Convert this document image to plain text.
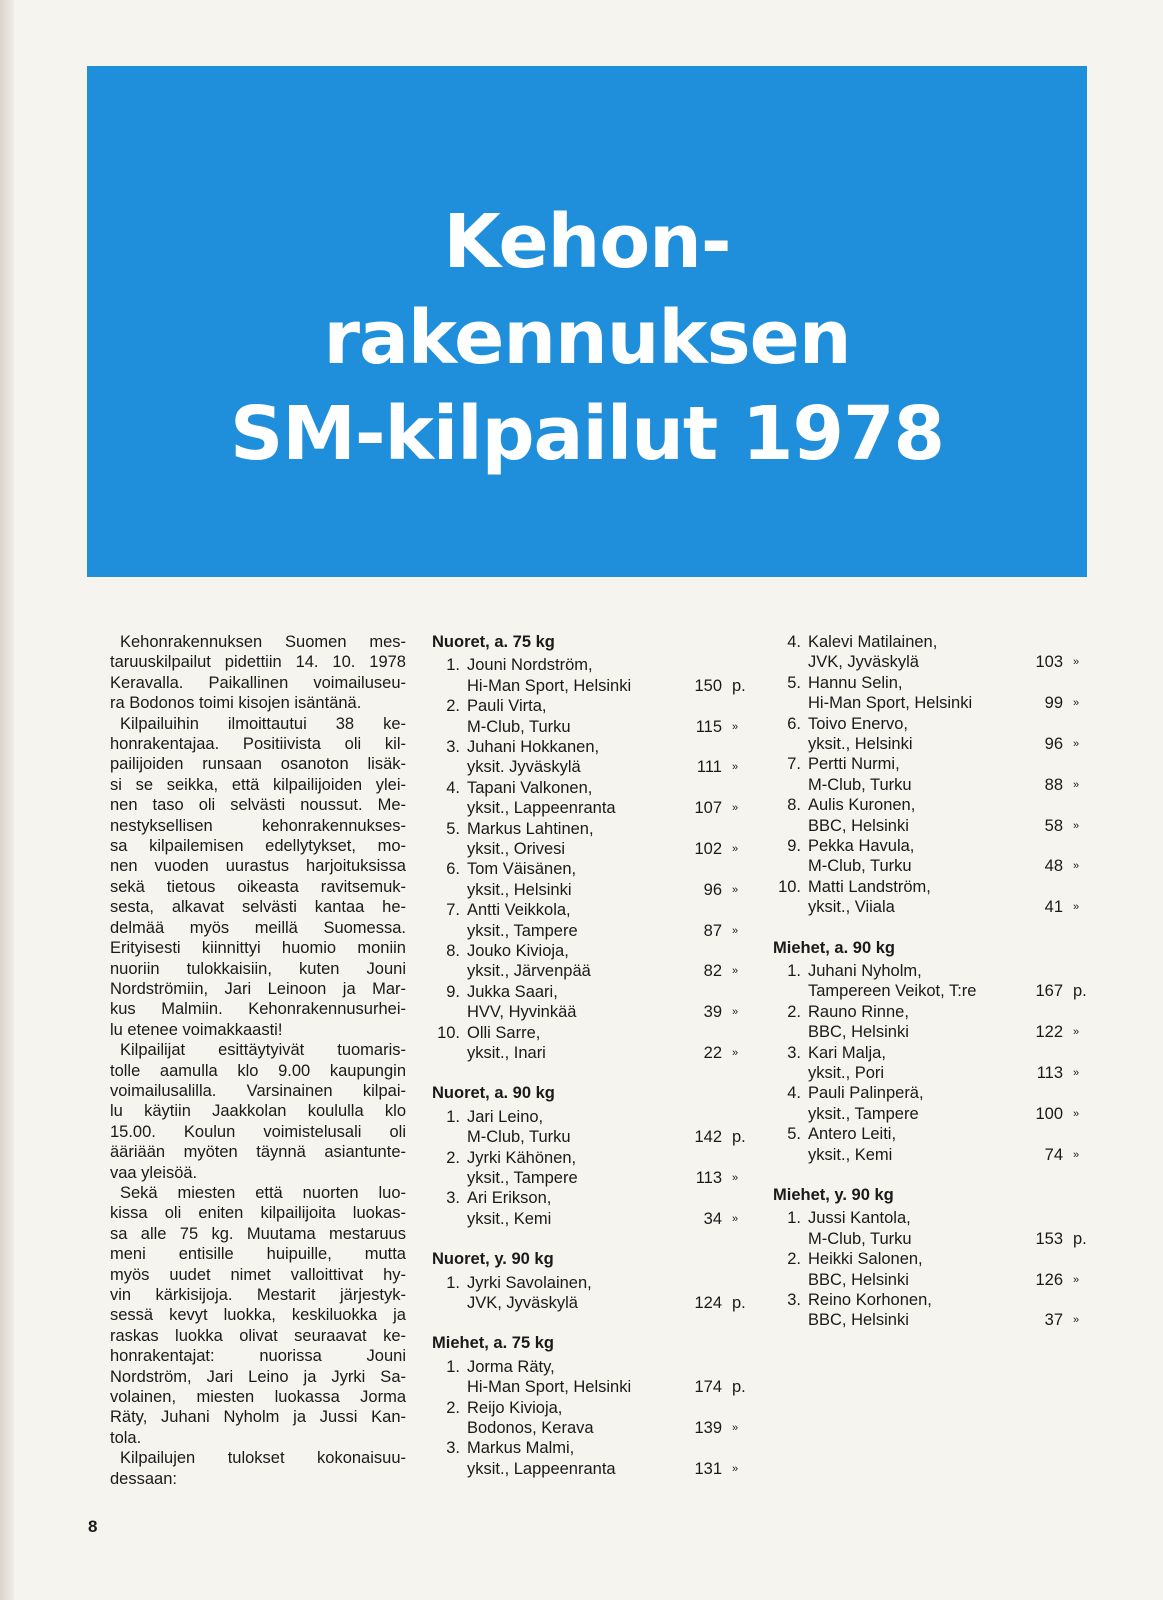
Kehon-
rakennuksen
SM-kilpailut 1978
Kehonrakennuksen Suomen mes-
taruuskilpailut pidettiin 14. 10. 1978
Keravalla. Paikallinen voimailuseu-
ra Bodonos toimi kisojen isäntänä.
Kilpailuihin ilmoittautui 38 ke-
honrakentajaa. Positiivista oli kil-
pailijoiden runsaan osanoton lisäk-
si se seikka, että kilpailijoiden ylei-
nen taso oli selvästi noussut. Me-
nestyksellisen kehonrakennukses-
sa kilpailemisen edellytykset, mo-
nen vuoden uurastus harjoituksissa
sekä tietous oikeasta ravitsemuk-
sesta, alkavat selvästi kantaa he-
delmää myös meillä Suomessa.
Erityisesti kiinnittyi huomio moniin
nuoriin tulokkaisiin, kuten Jouni
Nordströmiin, Jari Leinoon ja Mar-
kus Malmiin. Kehonrakennusurhei-
lu etenee voimakkaasti!
Kilpailijat esittäytyivät tuomaris-
tolle aamulla klo 9.00 kaupungin
voimailusalilla. Varsinainen kilpai-
lu käytiin Jaakkolan koululla klo
15.00. Koulun voimistelusali oli
ääriään myöten täynnä asiantunte-
vaa yleisöä.
Sekä miesten että nuorten luo-
kissa oli eniten kilpailijoita luokas-
sa alle 75 kg. Muutama mestaruus
meni entisille huipuille, mutta
myös uudet nimet valloittivat hy-
vin kärkisijoja. Mestarit järjestyk-
sessä kevyt luokka, keskiluokka ja
raskas luokka olivat seuraavat ke-
honrakentajat: nuorissa Jouni
Nordström, Jari Leino ja Jyrki Sa-
volainen, miesten luokassa Jorma
Räty, Juhani Nyholm ja Jussi Kan-
tola.
Kilpailujen tulokset kokonaisuu-
dessaan:
Nuoret, a. 75 kg
1. Jouni Nordström,
Hi-Man Sport, Helsinki	150 p.
2. Pauli Virta,
M-Club, Turku	115 »
3. Juhani Hokkanen,
yksit. Jyväskylä	111 »
4. Tapani Valkonen,
yksit., Lappeenranta	107 »
5. Markus Lahtinen,
yksit., Orivesi	102 »
6. Tom Väisänen,
yksit., Helsinki	96 »
7. Antti Veikkola,
yksit., Tampere	87 »
8. Jouko Kivioja,
yksit., Järvenpää	82 »
9. Jukka Saari,
HVV, Hyvinkää	39 »
10. Olli Sarre,
yksit., Inari	22 »
Nuoret, a. 90 kg
1. Jari Leino,
M-Club, Turku	142 p.
2. Jyrki Kähönen,
yksit., Tampere	113 »
3. Ari Erikson,
yksit., Kemi	34 »
Nuoret, y. 90 kg
1. Jyrki Savolainen,
JVK, Jyväskylä	124 p.
Miehet, a. 75 kg
1. Jorma Räty,
Hi-Man Sport, Helsinki	174 p.
2. Reijo Kivioja,
Bodonos, Kerava	139 »
3. Markus Malmi,
yksit., Lappeenranta	131 »
4. Kalevi Matilainen,
JVK, Jyväskylä	103 »
5. Hannu Selin,
Hi-Man Sport, Helsinki	99 »
6. Toivo Enervo,
yksit., Helsinki	96 »
7. Pertti Nurmi,
M-Club, Turku	88 »
8. Aulis Kuronen,
BBC, Helsinki	58 »
9. Pekka Havula,
M-Club, Turku	48 »
10. Matti Landström,
yksit., Viiala	41 »
Miehet, a. 90 kg
1. Juhani Nyholm,
Tampereen Veikot, T:re	167 p.
2. Rauno Rinne,
BBC, Helsinki	122 »
3. Kari Malja,
yksit., Pori	113 »
4. Pauli Palinperä,
yksit., Tampere	100 »
5. Antero Leiti,
yksit., Kemi	74 »
Miehet, y. 90 kg
1. Jussi Kantola,
M-Club, Turku	153 p.
2. Heikki Salonen,
BBC, Helsinki	126 »
3. Reino Korhonen,
BBC, Helsinki	37 »
8
